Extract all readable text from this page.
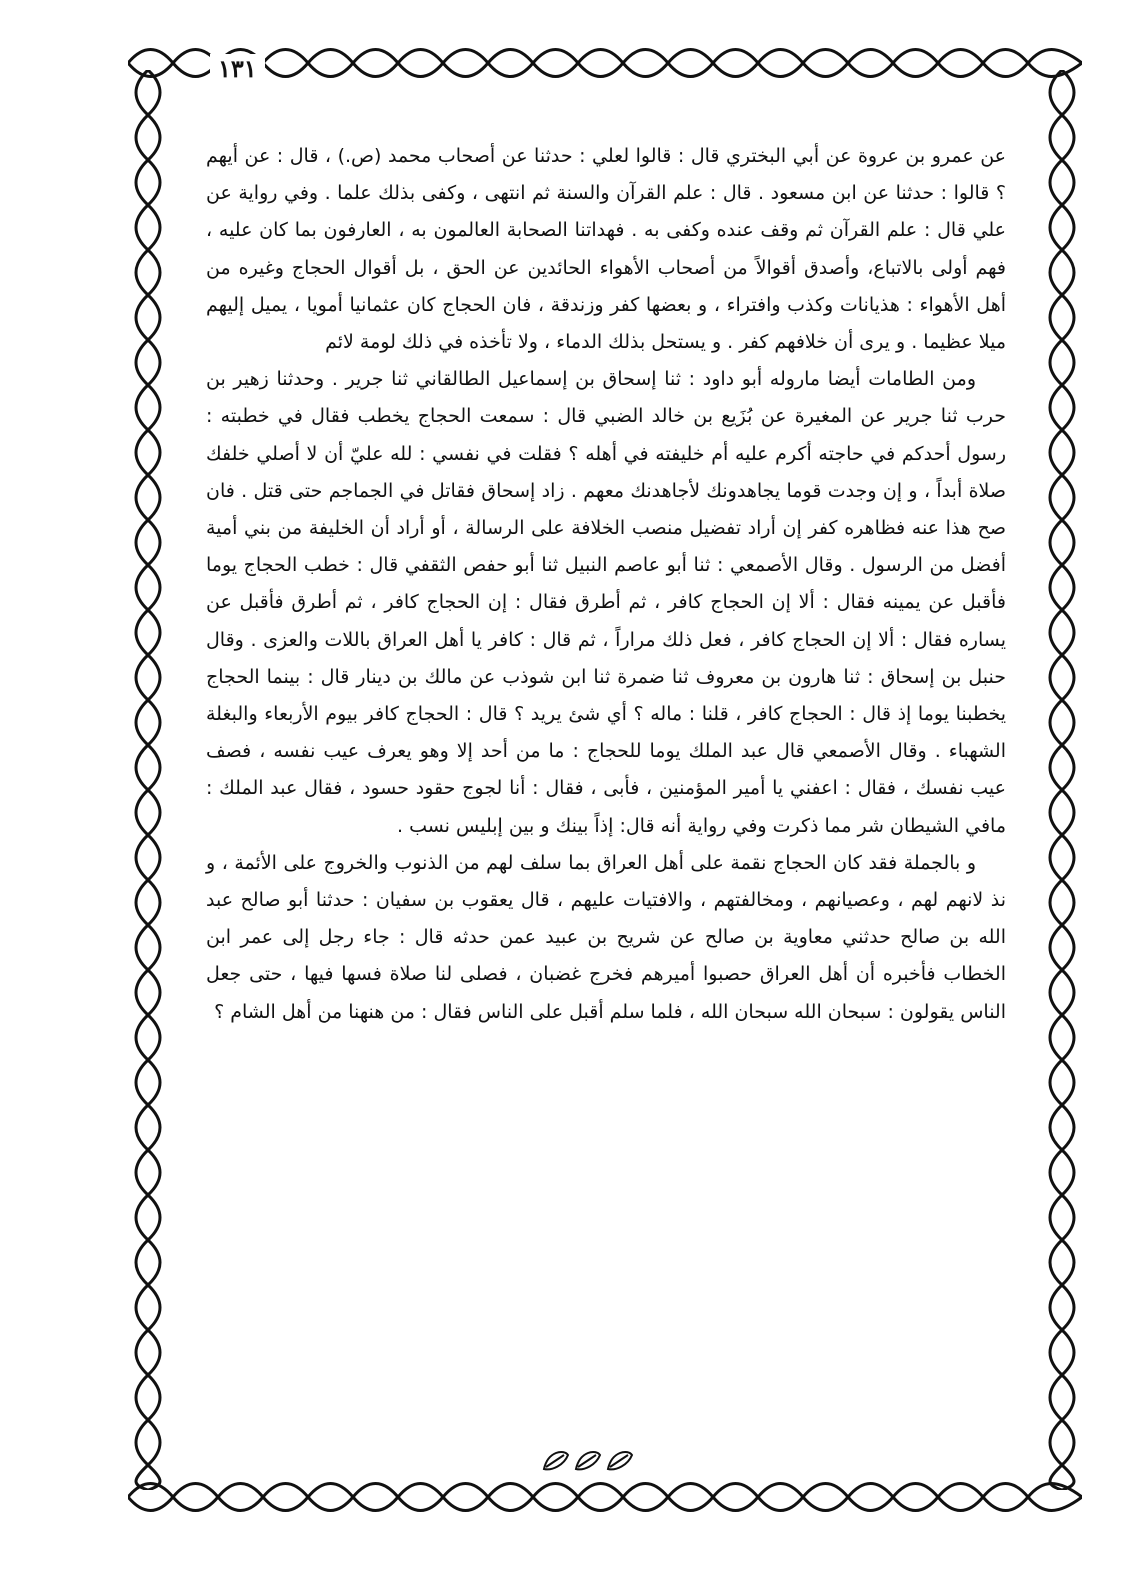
١٣١

عن عمرو بن عروة عن أبي البختري قال : قالوا لعلي : حدثنا عن أصحاب محمد (ص.) ، قال : عن أيهم ؟ قالوا : حدثنا عن ابن مسعود . قال : علم القرآن والسنة ثم انتهى ، وكفى بذلك علما . وفي رواية عن علي قال : علم القرآن ثم وقف عنده وكفى به . فهداتنا الصحابة العالمون به ، العارفون بما كان عليه ، فهم أولى بالاتباع، وأصدق أقوالاً من أصحاب الأهواء الحائدين عن الحق ، بل أقوال الحجاج وغيره من أهل الأهواء : هذيانات وكذب وافتراء ، و بعضها كفر وزندقة ، فان الحجاج كان عثمانيا أمويا ، يميل إليهم ميلا عظيما . و يرى أن خلافهم كفر . و يستحل بذلك الدماء ، ولا تأخذه في ذلك لومة لائم

ومن الطامات أيضا ماروله أبو داود : ثنا إسحاق بن إسماعيل الطالقاني ثنا جرير . وحدثنا زهير بن حرب ثنا جرير عن المغيرة عن بُزَيع بن خالد الضبي قال : سمعت الحجاج يخطب فقال في خطبته : رسول أحدكم في حاجته أكرم عليه أم خليفته في أهله ؟ فقلت في نفسي : لله عليّ أن لا أصلي خلفك صلاة أبداً ، و إن وجدت قوما يجاهدونك لأجاهدنك معهم . زاد إسحاق فقاتل في الجماجم حتى قتل . فان صح هذا عنه فظاهره كفر إن أراد تفضيل منصب الخلافة على الرسالة ، أو أراد أن الخليفة من بني أمية أفضل من الرسول . وقال الأصمعي : ثنا أبو عاصم النبيل ثنا أبو حفص الثقفي قال : خطب الحجاج يوما فأقبل عن يمينه فقال : ألا إن الحجاج كافر ، ثم أطرق فقال : إن الحجاج كافر ، ثم أطرق فأقبل عن يساره فقال : ألا إن الحجاج كافر ، فعل ذلك مراراً ، ثم قال : كافر يا أهل العراق باللات والعزى . وقال حنبل بن إسحاق : ثنا هارون بن معروف ثنا ضمرة ثنا ابن شوذب عن مالك بن دينار قال : بينما الحجاج يخطبنا يوما إذ قال : الحجاج كافر ، قلنا : ماله ؟ أي شئ يريد ؟ قال : الحجاج كافر بيوم الأربعاء والبغلة الشهباء . وقال الأصمعي قال عبد الملك يوما للحجاج : ما من أحد إلا وهو يعرف عيب نفسه ، فصف عيب نفسك ، فقال : اعفني يا أمير المؤمنين ، فأبى ، فقال : أنا لجوج حقود حسود ، فقال عبد الملك : مافي الشيطان شر مما ذكرت وفي رواية أنه قال: إذاً بينك و بين إبليس نسب .

و بالجملة فقد كان الحجاج نقمة على أهل العراق بما سلف لهم من الذنوب والخروج على الأئمة ، و نذ لانهم لهم ، وعصيانهم ، ومخالفتهم ، والافتيات عليهم ، قال يعقوب بن سفيان : حدثنا أبو صالح عبد الله بن صالح حدثني معاوية بن صالح عن شريح بن عبيد عمن حدثه قال : جاء رجل إلى عمر ابن الخطاب فأخبره أن أهل العراق حصبوا أميرهم فخرج غضبان ، فصلى لنا صلاة فسها فيها ، حتى جعل الناس يقولون : سبحان الله سبحان الله ، فلما سلم أقبل على الناس فقال : من هنهنا من أهل الشام ؟
